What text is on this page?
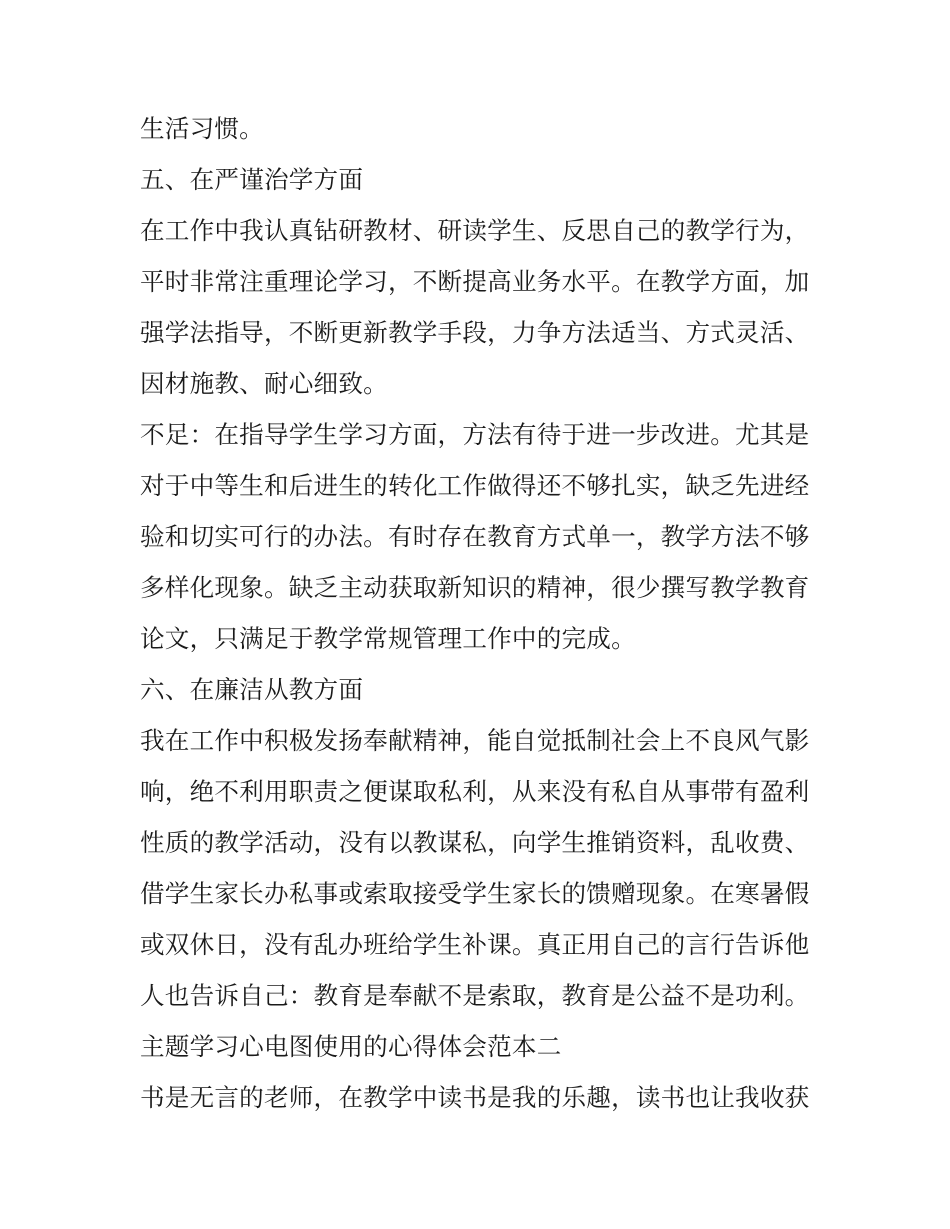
生活习惯。

五、在严谨治学方面

在工作中我认真钻研教材、研读学生、反思自己的教学行为，

平时非常注重理论学习，不断提高业务水平。在教学方面，加

强学法指导，不断更新教学手段，力争方法适当、方式灵活、

因材施教、耐心细致。

不足：在指导学生学习方面，方法有待于进一步改进。尤其是

对于中等生和后进生的转化工作做得还不够扎实，缺乏先进经

验和切实可行的办法。有时存在教育方式单一，教学方法不够

多样化现象。缺乏主动获取新知识的精神，很少撰写教学教育

论文，只满足于教学常规管理工作中的完成。

六、在廉洁从教方面

我在工作中积极发扬奉献精神，能自觉抵制社会上不良风气影

响，绝不利用职责之便谋取私利，从来没有私自从事带有盈利

性质的教学活动，没有以教谋私，向学生推销资料，乱收费、

借学生家长办私事或索取接受学生家长的馈赠现象。在寒暑假

或双休日，没有乱办班给学生补课。真正用自己的言行告诉他

人也告诉自己：教育是奉献不是索取，教育是公益不是功利。

主题学习心电图使用的心得体会范本二

书是无言的老师，在教学中读书是我的乐趣，读书也让我收获
